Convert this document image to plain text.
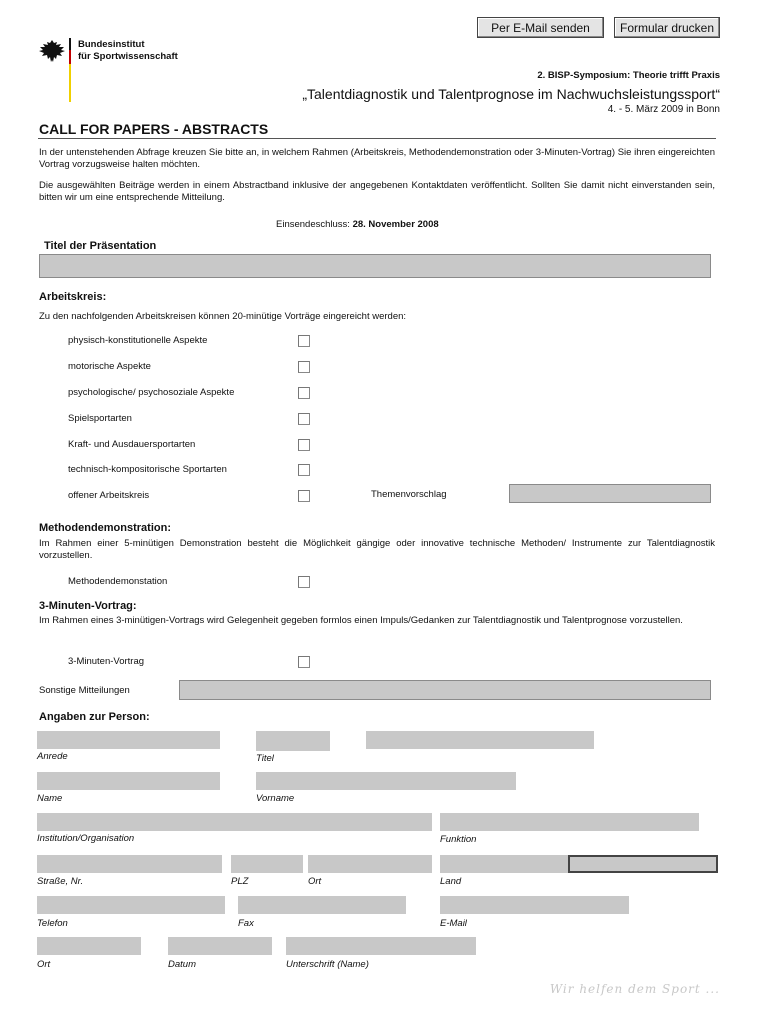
Per E-Mail senden	Formular drucken
Bundesinstitut
für Sportwissenschaft
2. BISP-Symposium: Theorie trifft Praxis
„Talentdiagnostik und Talentprognose im Nachwuchsleistungssport“
4. - 5. März 2009 in Bonn
CALL FOR PAPERS - ABSTRACTS
In der untenstehenden Abfrage kreuzen Sie bitte an, in welchem Rahmen (Arbeitskreis, Methodendemonstration oder 3-Minuten-Vortrag) Sie ihren eingereichten Vortrag vorzugsweise halten möchten.
Die ausgewählten Beiträge werden in einem Abstractband inklusive der angegebenen Kontaktdaten veröffentlicht. Sollten Sie damit nicht einverstanden sein, bitten wir um eine entsprechende Mitteilung.
Einsendeschluss: 28. November 2008
Titel der Präsentation
Arbeitskreis:
Zu den nachfolgenden Arbeitskreisen können 20-minütige Vorträge eingereicht werden:
physisch-konstitutionelle Aspekte
motorische Aspekte
psychologische/ psychosoziale Aspekte
Spielsportarten
Kraft- und Ausdauersportarten
technisch-kompositorische Sportarten
offener Arbeitskreis	Themenvorschlag
Methodendemonstration:
Im Rahmen einer 5-minütigen Demonstration besteht die Möglichkeit gängige oder innovative technische Methoden/ Instrumente zur Talentdiagnostik vorzustellen.
Methodendemonstation
3-Minuten-Vortrag:
Im Rahmen eines 3-minütigen-Vortrags wird Gelegenheit gegeben formlos einen Impuls/Gedanken zur Talentdiagnostik und Talentprognose vorzustellen.
3-Minuten-Vortrag
Sonstige Mitteilungen
Angaben zur Person:
Anrede	Titel
Name	Vorname
Institution/Organisation	Funktion
Straße, Nr.	PLZ	Ort	Land
Telefon	Fax	E-Mail
Ort	Datum	Unterschrift (Name)
Wir helfen dem Sport ...
